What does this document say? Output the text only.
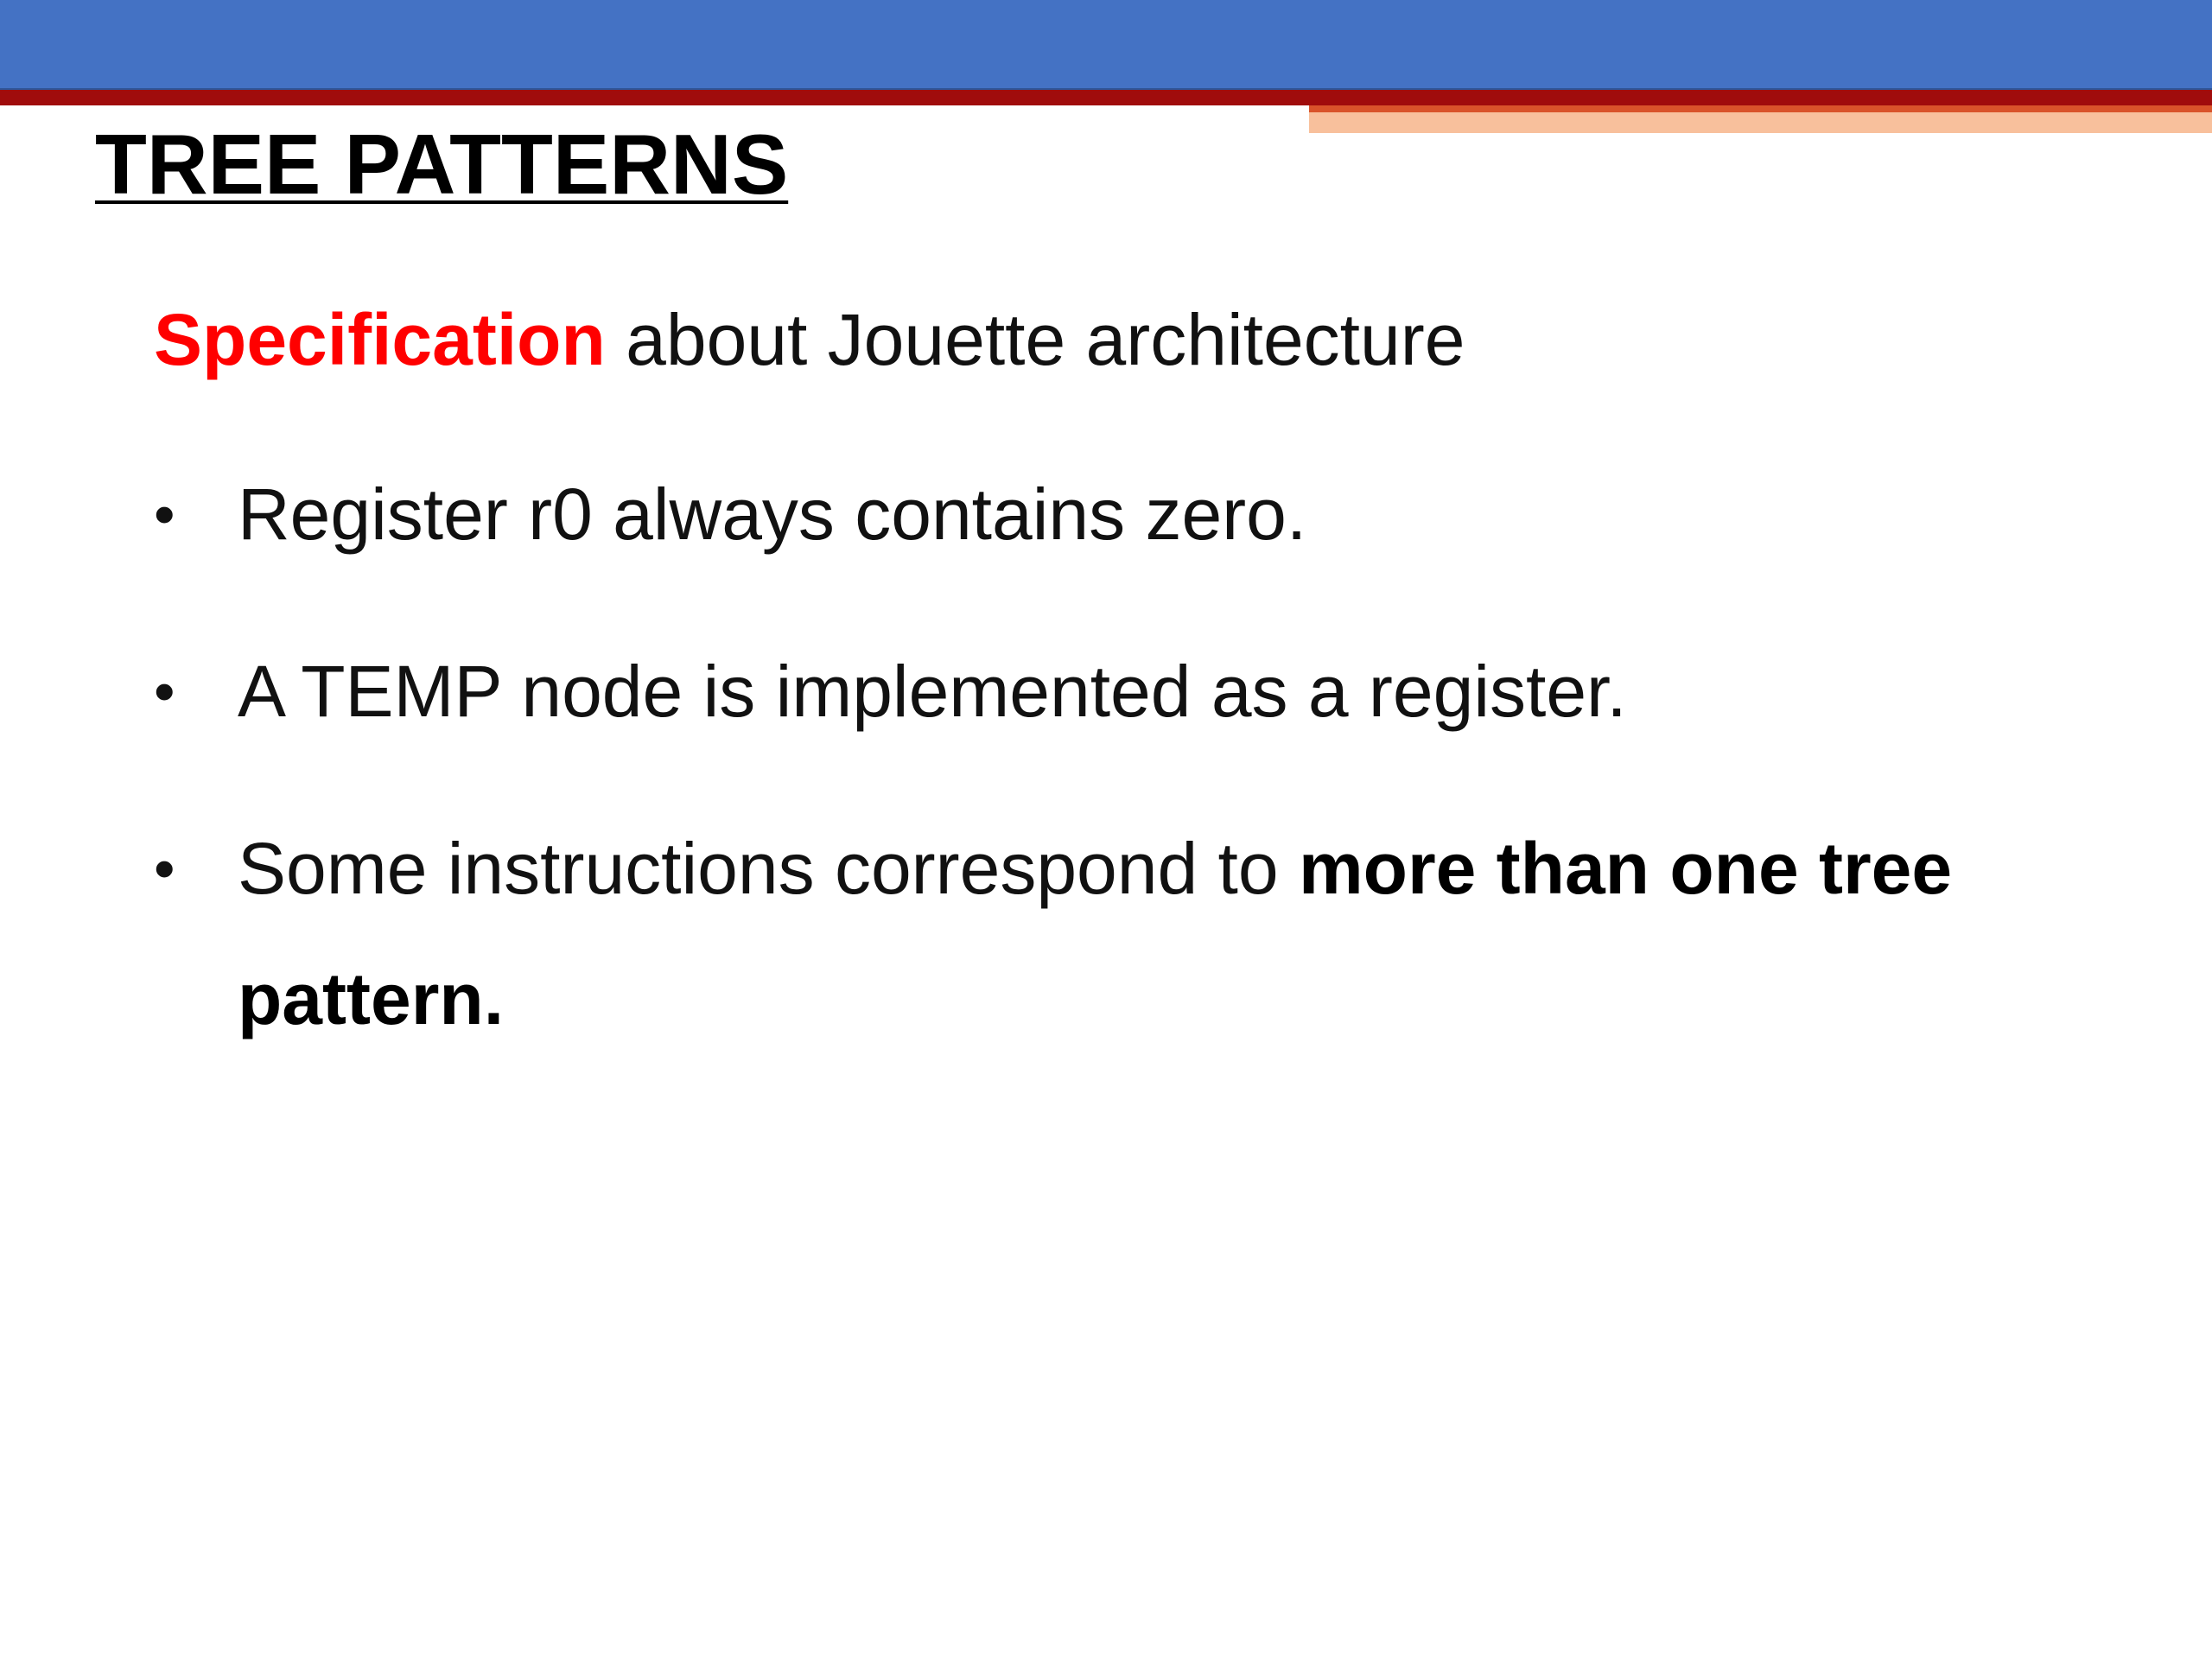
TREE PATTERNS
Specification about Jouette architecture
• Register r0 always contains zero.
• A TEMP node is implemented as a register.
• Some instructions correspond to more than one tree pattern.
